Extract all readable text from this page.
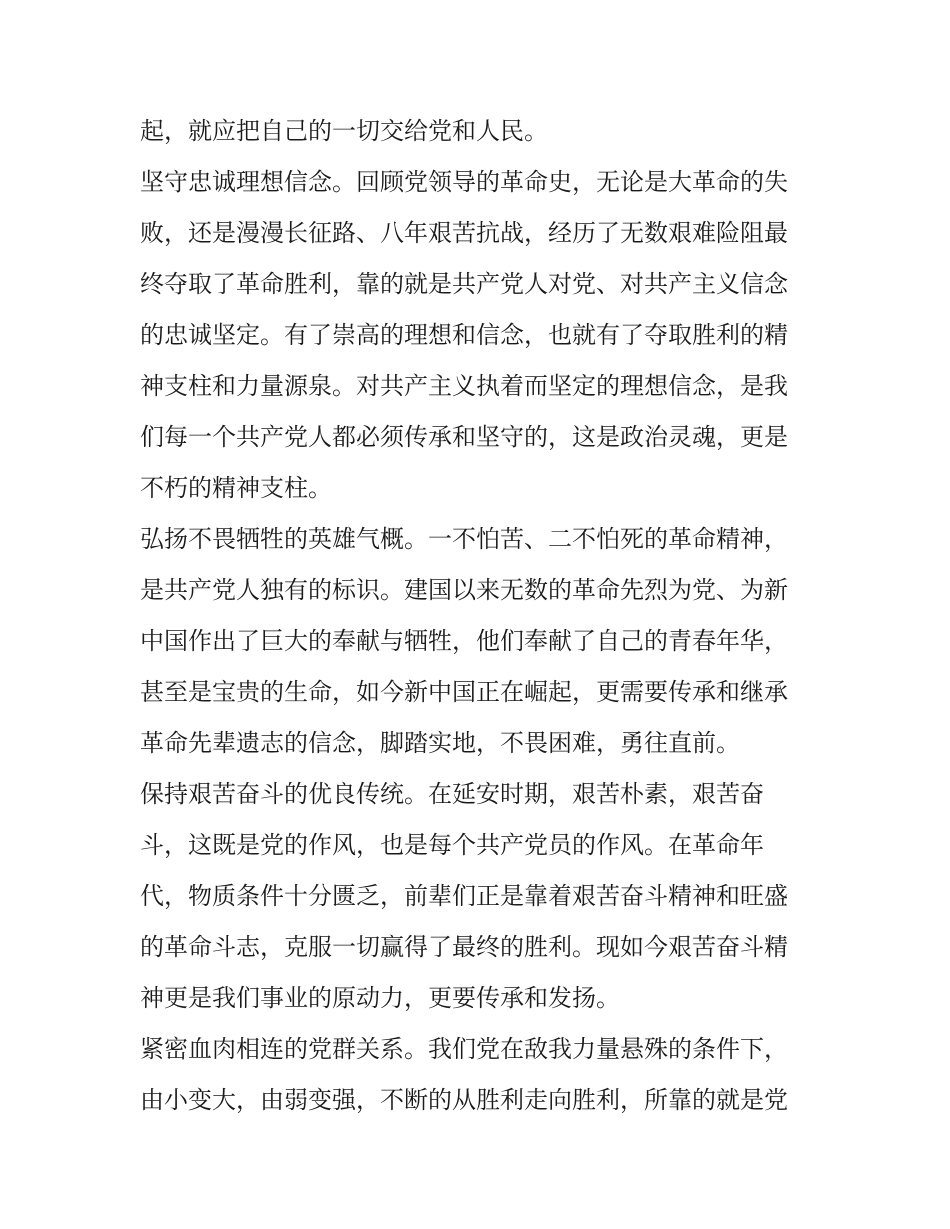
起，就应把自己的一切交给党和人民。
坚守忠诚理想信念。回顾党领导的革命史，无论是大革命的失
败，还是漫漫长征路、八年艰苦抗战，经历了无数艰难险阻最
终夺取了革命胜利，靠的就是共产党人对党、对共产主义信念
的忠诚坚定。有了崇高的理想和信念，也就有了夺取胜利的精
神支柱和力量源泉。对共产主义执着而坚定的理想信念，是我
们每一个共产党人都必须传承和坚守的，这是政治灵魂，更是
不朽的精神支柱。
弘扬不畏牺牲的英雄气概。一不怕苦、二不怕死的革命精神，
是共产党人独有的标识。建国以来无数的革命先烈为党、为新
中国作出了巨大的奉献与牺牲，他们奉献了自己的青春年华，
甚至是宝贵的生命，如今新中国正在崛起，更需要传承和继承
革命先辈遗志的信念，脚踏实地，不畏困难，勇往直前。
保持艰苦奋斗的优良传统。在延安时期，艰苦朴素，艰苦奋
斗，这既是党的作风，也是每个共产党员的作风。在革命年
代，物质条件十分匮乏，前辈们正是靠着艰苦奋斗精神和旺盛
的革命斗志，克服一切赢得了最终的胜利。现如今艰苦奋斗精
神更是我们事业的原动力，更要传承和发扬。
紧密血肉相连的党群关系。我们党在敌我力量悬殊的条件下，
由小变大，由弱变强，不断的从胜利走向胜利，所靠的就是党
